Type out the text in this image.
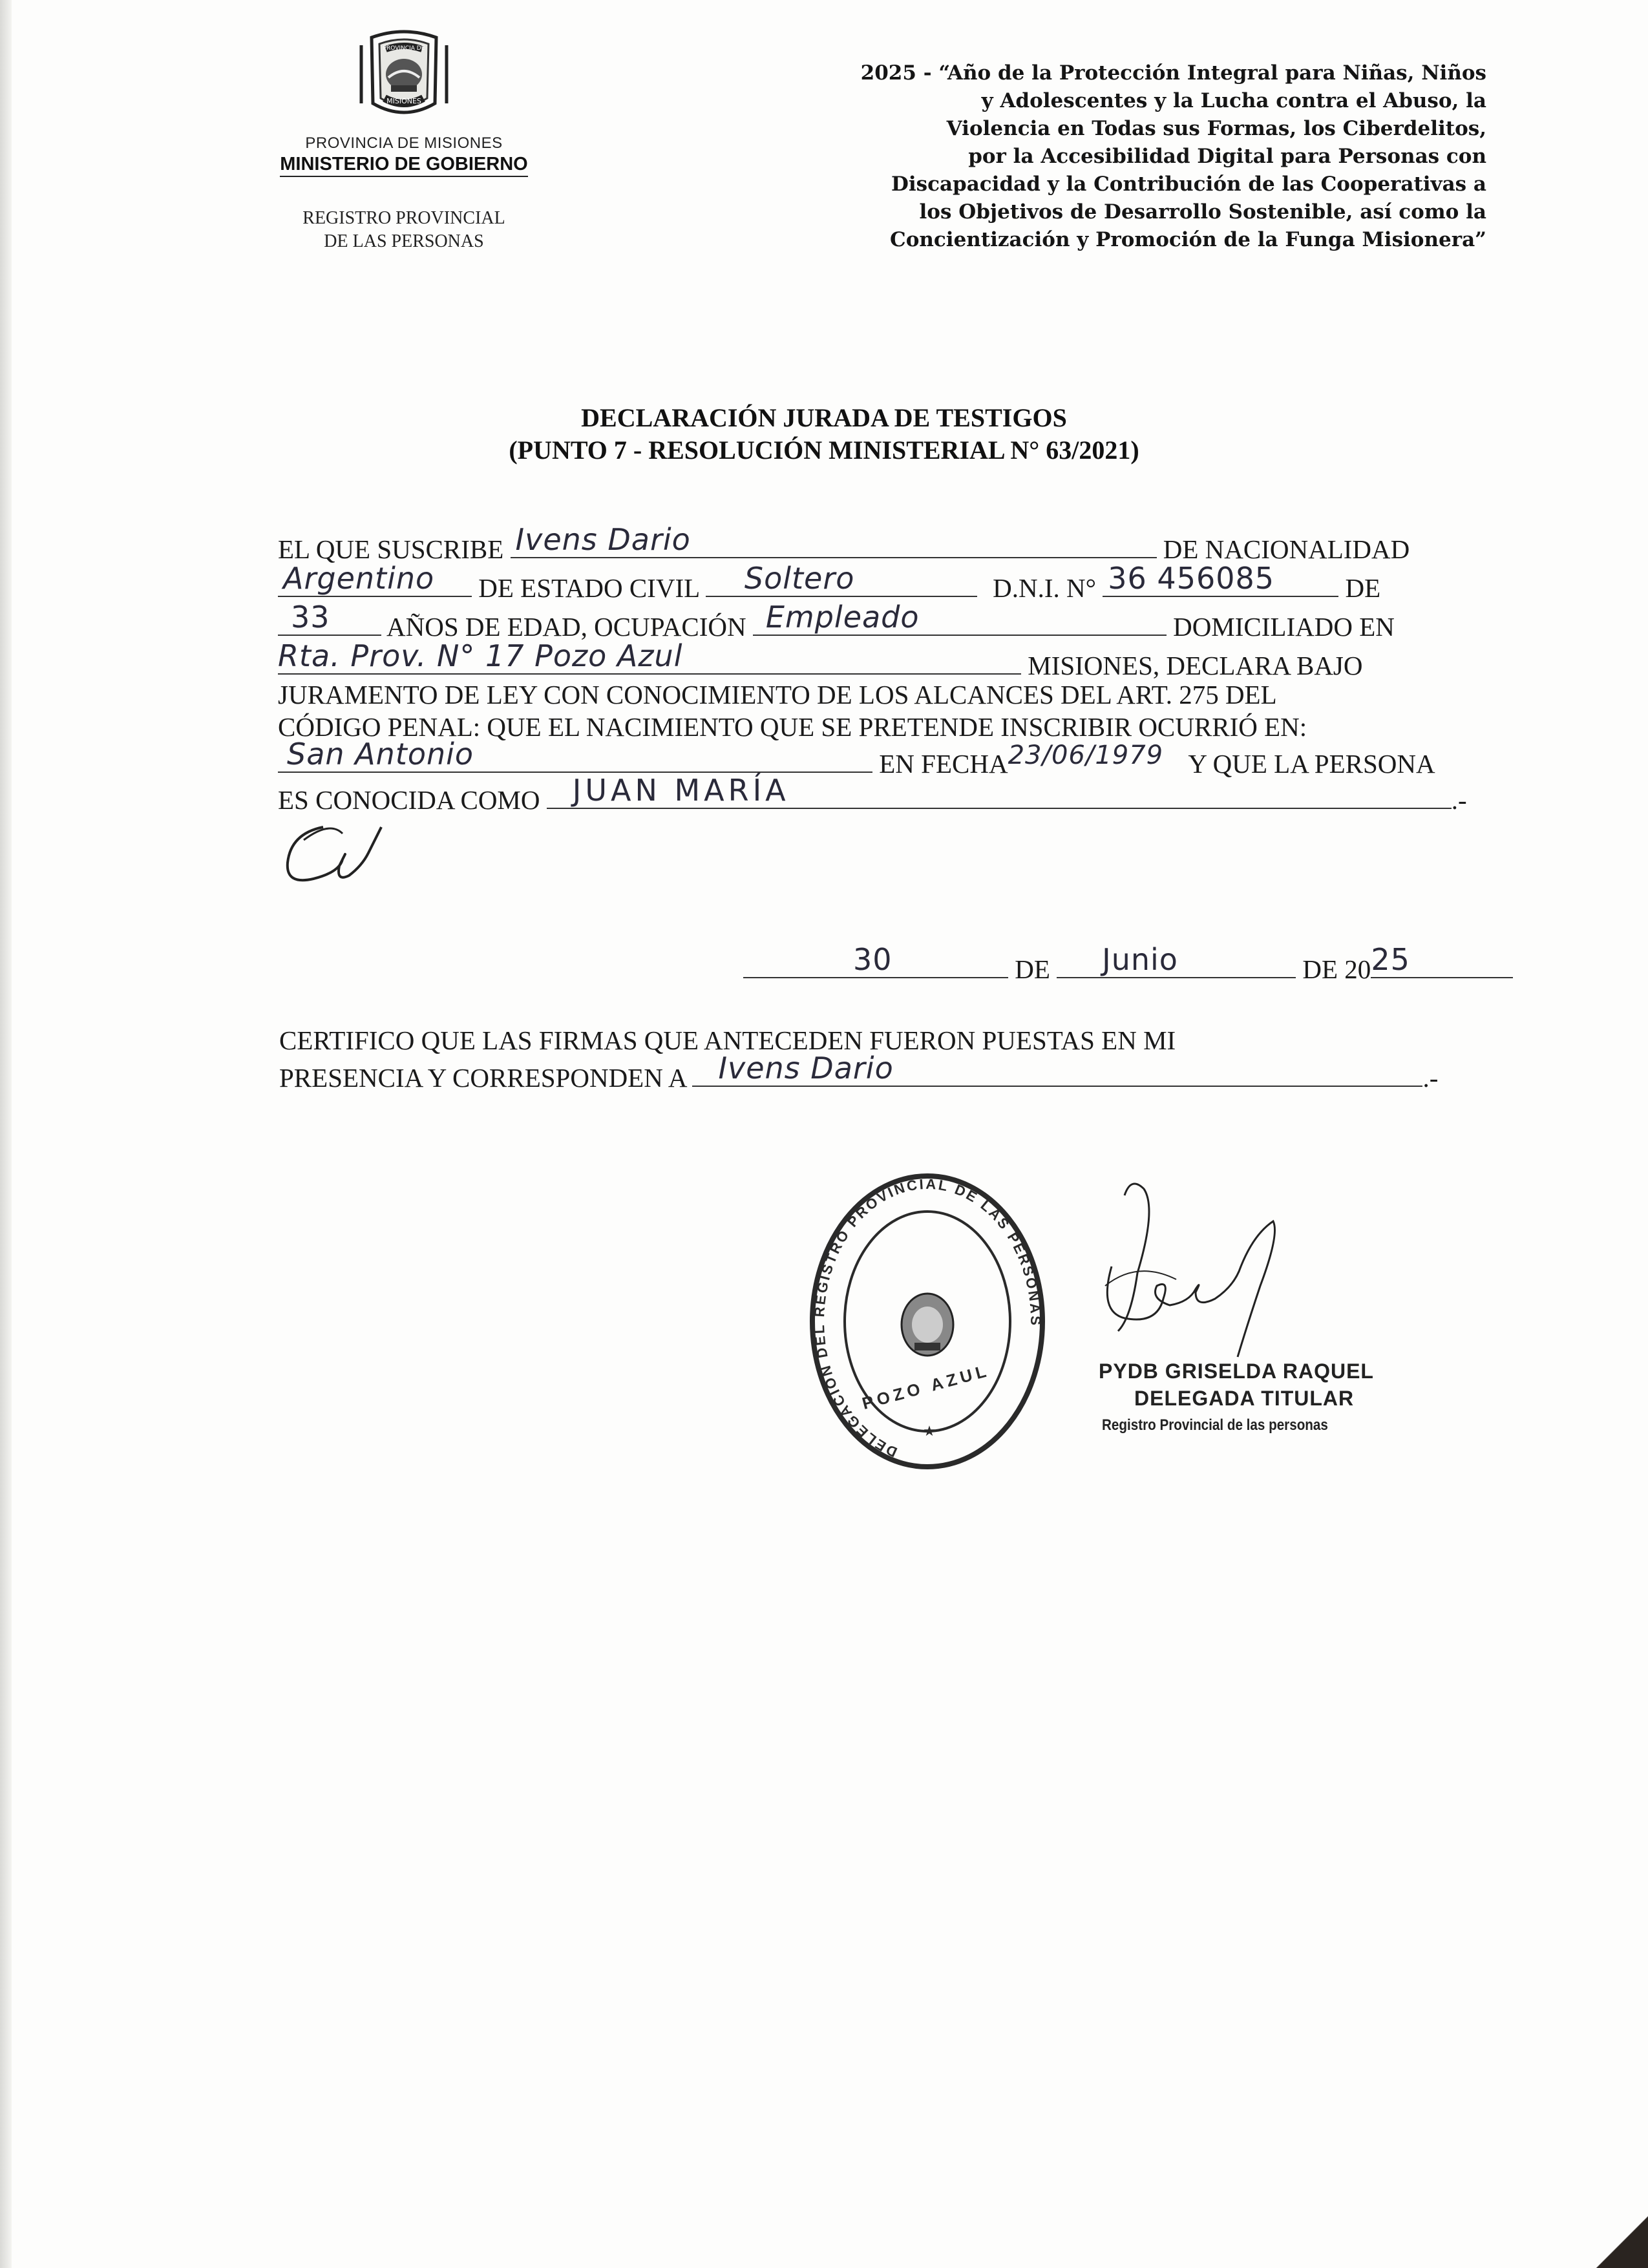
PROVINCIA DE
MISIONES
PROVINCIA DE MISIONES
MINISTERIO DE GOBIERNO
REGISTRO PROVINCIAL
DE LAS PERSONAS
2025 - “Año de la Protección Integral para Niñas, Niños
y Adolescentes y la Lucha contra el Abuso, la
Violencia en Todas sus Formas, los Ciberdelitos,
por la Accesibilidad Digital para Personas con
Discapacidad y la Contribución de las Cooperativas a
los Objetivos de Desarrollo Sostenible, así como la
Concientización y Promoción de la Funga Misionera”
DECLARACIÓN JURADA DE TESTIGOS
(PUNTO 7 - RESOLUCIÓN MINISTERIAL N° 63/2021)
EL QUE SUSCRIBE Ivens Dario	DE NACIONALIDAD
Argentino DE ESTADO CIVIL Soltero	D.N.I. N° 36 456085	DE
33 AÑOS DE EDAD, OCUPACIÓN Empleado	DOMICILIADO EN
Rta. Prov. N° 17 Pozo Azul	MISIONES, DECLARA BAJO
JURAMENTO DE LEY CON CONOCIMIENTO DE LOS ALCANCES DEL ART. 275 DEL
CÓDIGO PENAL: QUE EL NACIMIENTO QUE SE PRETENDE INSCRIBIR OCURRIÓ EN:
San Antonio	EN FECHA 23/06/1979 Y QUE LA PERSONA
ES CONOCIDA COMO JUAN MARÍA	.-
30	DE Junio	DE 20 25
CERTIFICO QUE LAS FIRMAS QUE ANTECEDEN FUERON PUESTAS EN MI
PRESENCIA Y CORRESPONDEN A Ivens Dario	.-
DELEGACIÓN DEL REGISTRO PROVINCIAL DE LAS PERSONAS
POZO AZUL
★
PYDB GRISELDA RAQUEL
DELEGADA TITULAR
Registro Provincial de las personas
